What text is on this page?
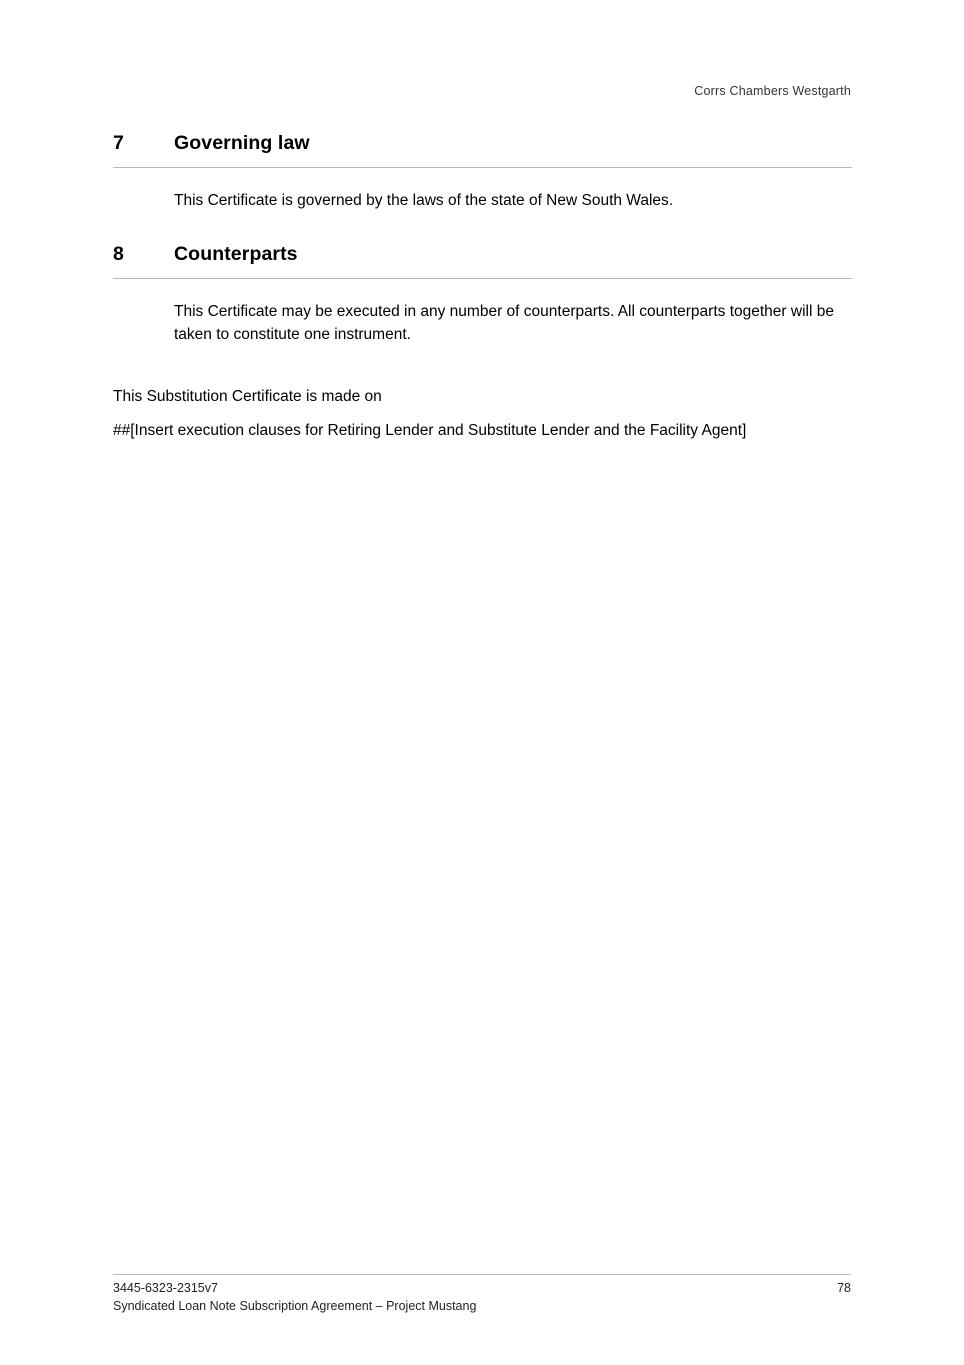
Corrs Chambers Westgarth
7	Governing law
This Certificate is governed by the laws of the state of New South Wales.
8	Counterparts
This Certificate may be executed in any number of counterparts. All counterparts together will be taken to constitute one instrument.

This Substitution Certificate is made on

##[Insert execution clauses for Retiring Lender and Substitute Lender and the Facility Agent]

3445-6323-2315v7	78
Syndicated Loan Note Subscription Agreement – Project Mustang
